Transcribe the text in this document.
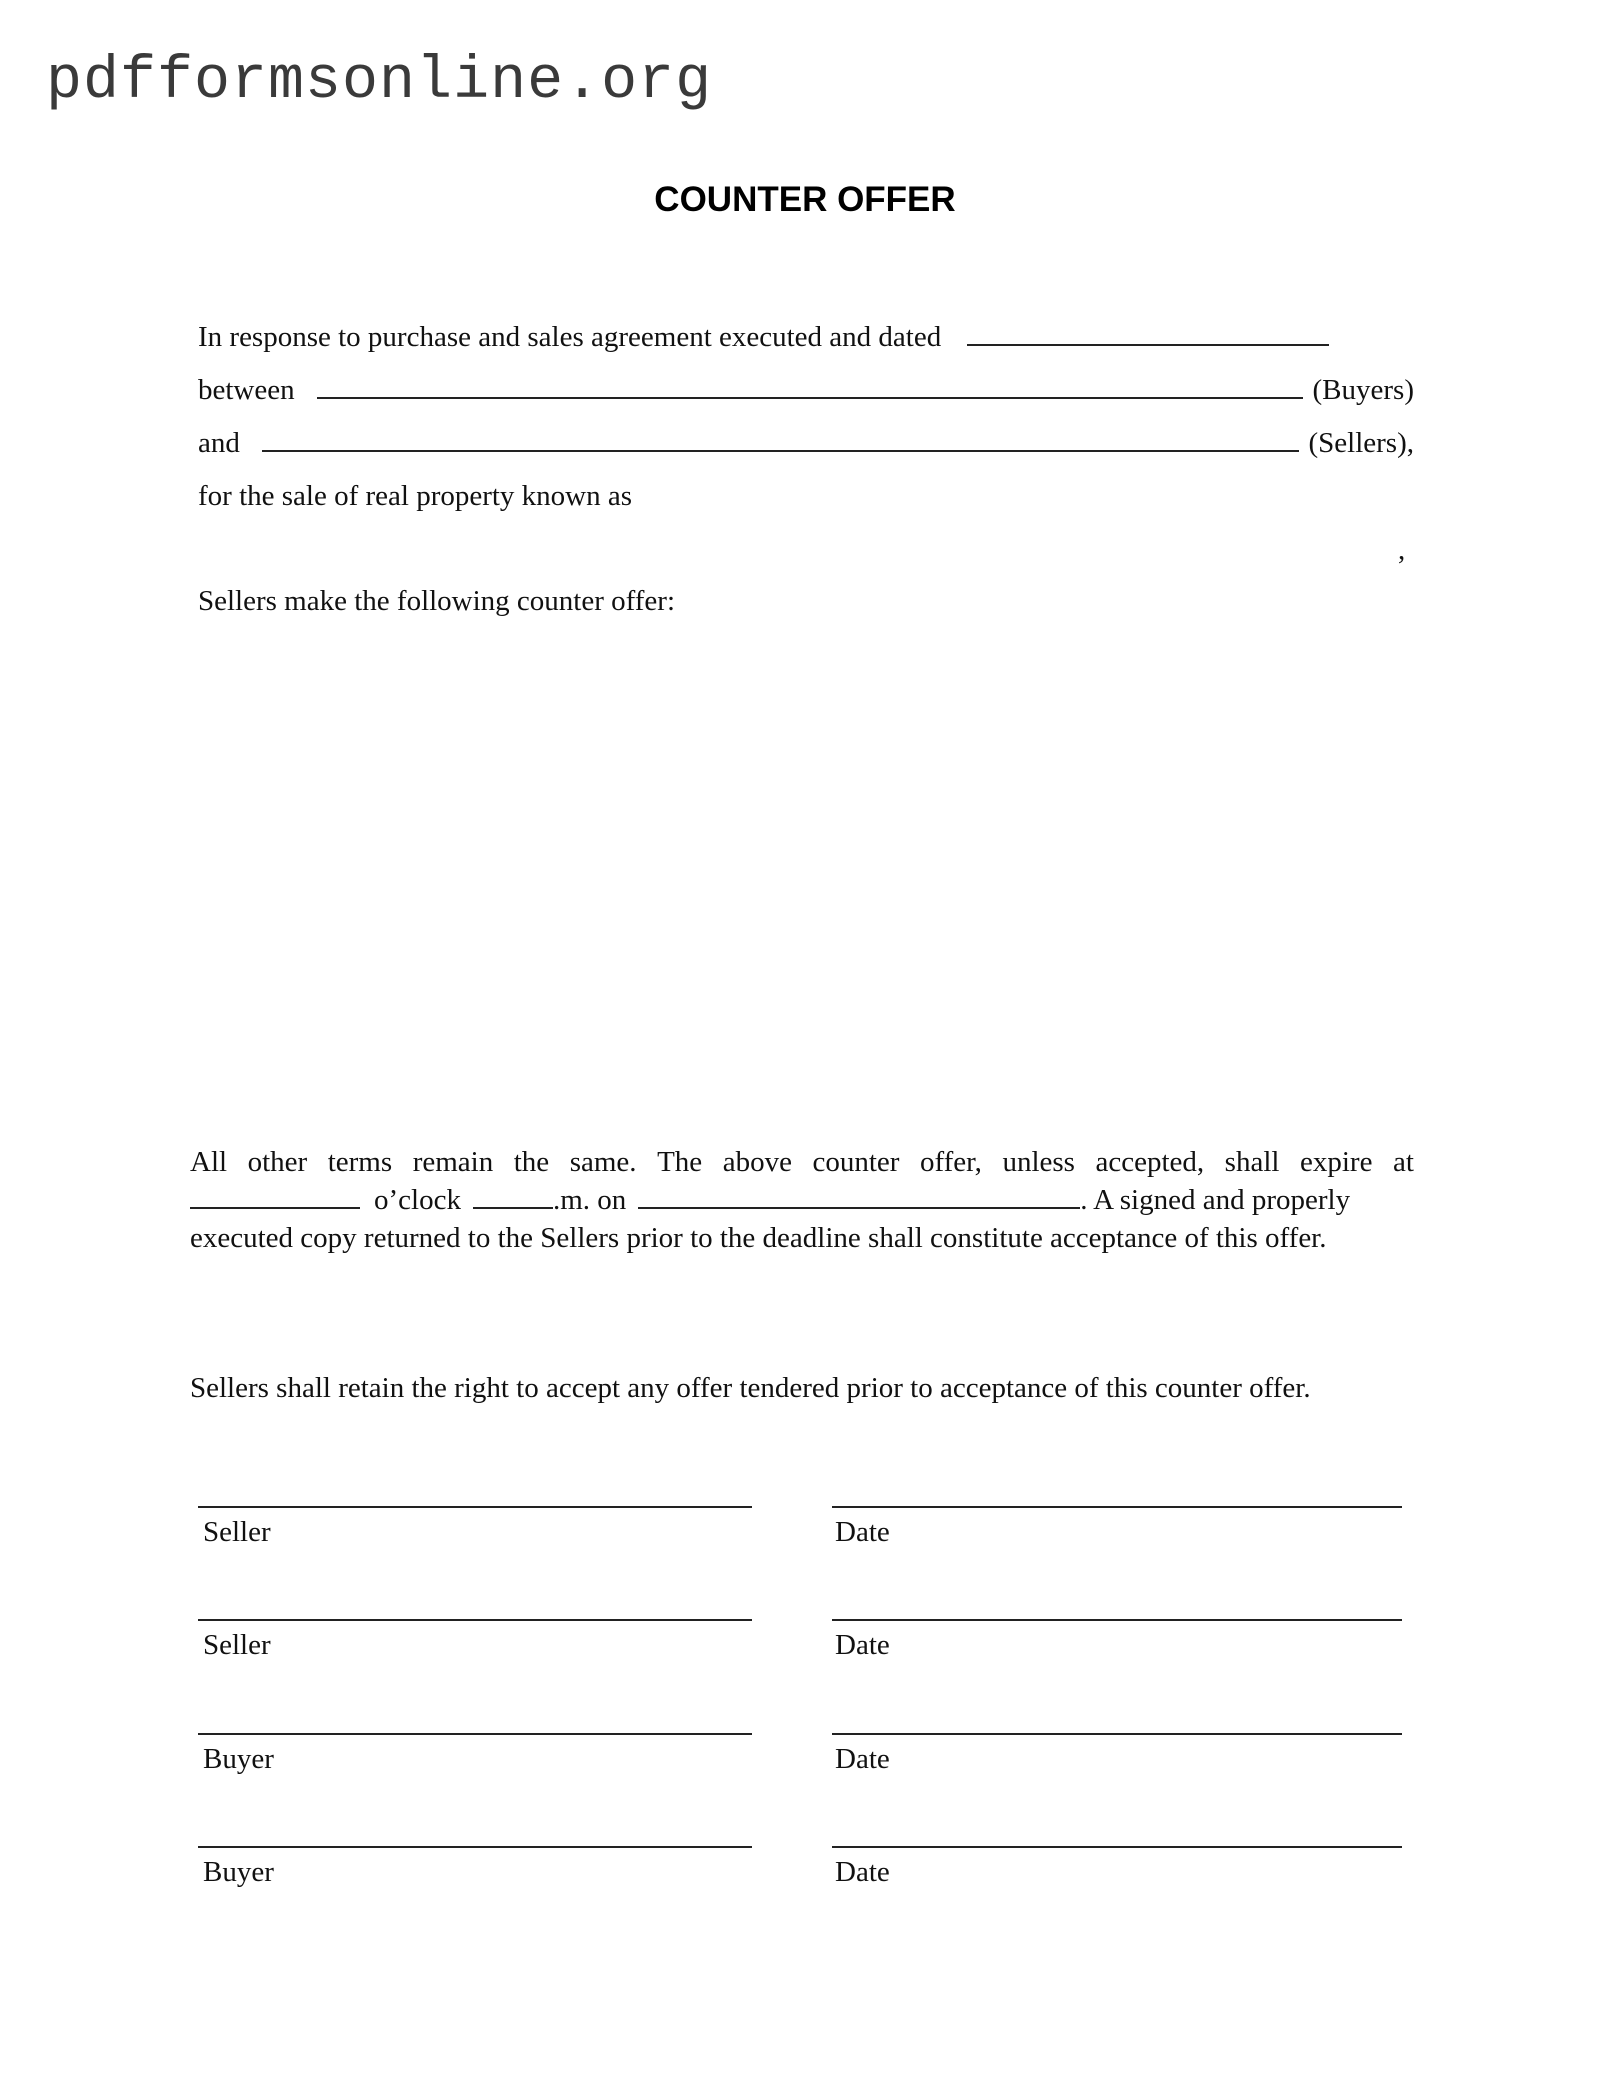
pdfformsonline.org
COUNTER OFFER
In response to purchase and sales agreement executed and dated
between	(Buyers)
and	(Sellers),
for the sale of real property known as
,
Sellers make the following counter offer:
All other terms remain the same. The above counter offer, unless accepted, shall expire at
o’clock	.m. on	. A signed and properly
executed copy returned to the Sellers prior to the deadline shall constitute acceptance of this offer.
Sellers shall retain the right to accept any offer tendered prior to acceptance of this counter offer.
Seller	Date
Seller	Date
Buyer	Date
Buyer	Date
